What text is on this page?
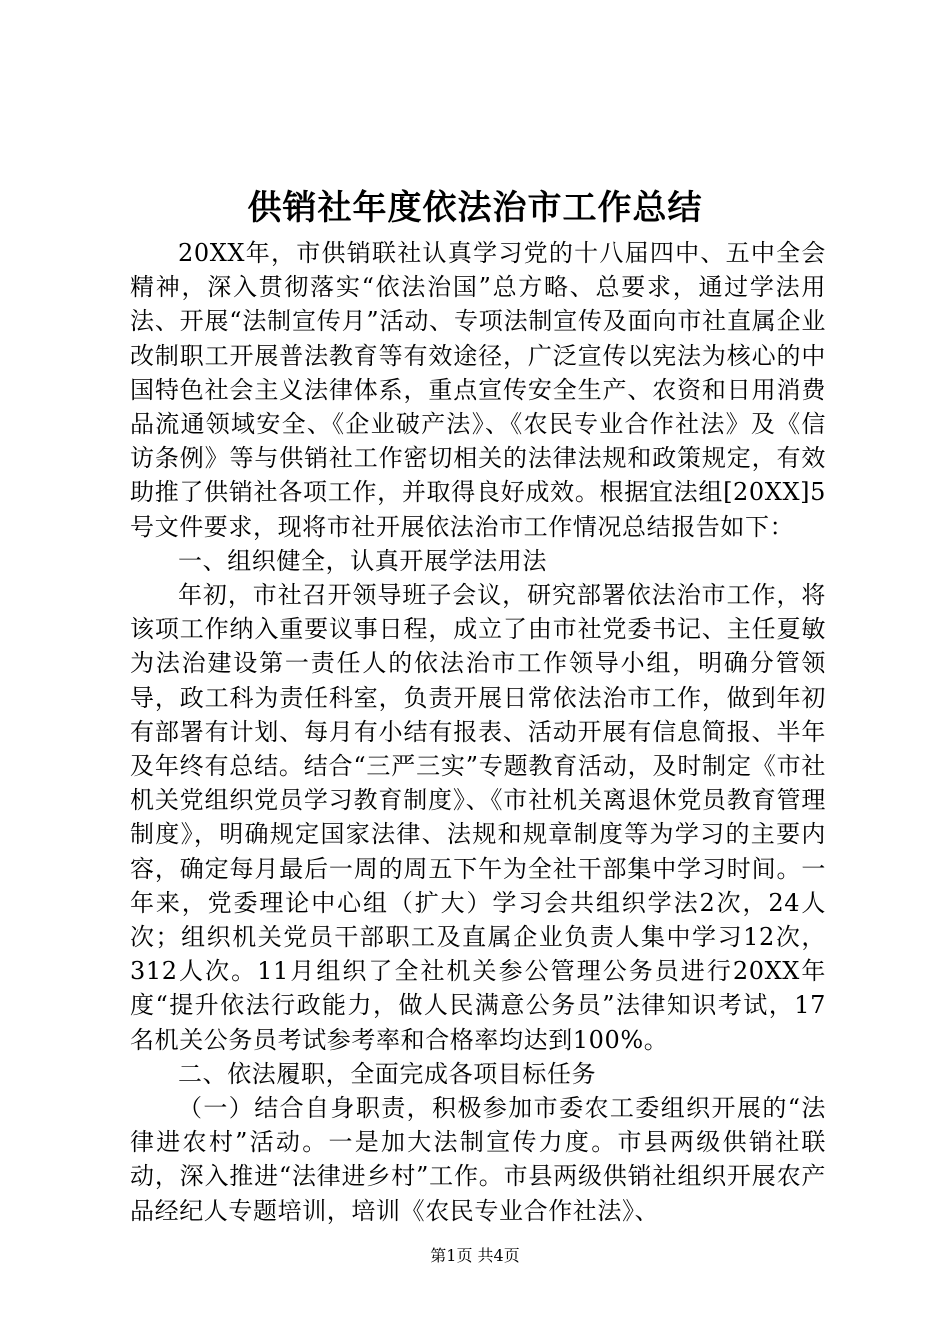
供销社年度依法治市工作总结

20XX年，市供销联社认真学习党的十八届四中、五中全会精神，深入贯彻落实“依法治国”总方略、总要求，通过学法用法、开展“法制宣传月”活动、专项法制宣传及面向市社直属企业改制职工开展普法教育等有效途径，广泛宣传以宪法为核心的中国特色社会主义法律体系，重点宣传安全生产、农资和日用消费品流通领域安全、《企业破产法》、《农民专业合作社法》及《信访条例》等与供销社工作密切相关的法律法规和政策规定，有效助推了供销社各项工作，并取得良好成效。根据宜法组[20XX]5号文件要求，现将市社开展依法治市工作情况总结报告如下：

一、组织健全，认真开展学法用法

年初，市社召开领导班子会议，研究部署依法治市工作，将该项工作纳入重要议事日程，成立了由市社党委书记、主任夏敏为法治建设第一责任人的依法治市工作领导小组，明确分管领导，政工科为责任科室，负责开展日常依法治市工作，做到年初有部署有计划、每月有小结有报表、活动开展有信息简报、半年及年终有总结。结合“三严三实”专题教育活动，及时制定《市社机关党组织党员学习教育制度》、《市社机关离退休党员教育管理制度》，明确规定国家法律、法规和规章制度等为学习的主要内容，确定每月最后一周的周五下午为全社干部集中学习时间。一年来，党委理论中心组（扩大）学习会共组织学法2次，24人次；组织机关党员干部职工及直属企业负责人集中学习12次，312人次。11月组织了全社机关参公管理公务员进行20XX年度“提升依法行政能力，做人民满意公务员”法律知识考试，17名机关公务员考试参考率和合格率均达到100%。

二、依法履职，全面完成各项目标任务

（一）结合自身职责，积极参加市委农工委组织开展的“法律进农村”活动。一是加大法制宣传力度。市县两级供销社联动，深入推进“法律进乡村”工作。市县两级供销社组织开展农产品经纪人专题培训，培训《农民专业合作社法》、

第1页 共4页
